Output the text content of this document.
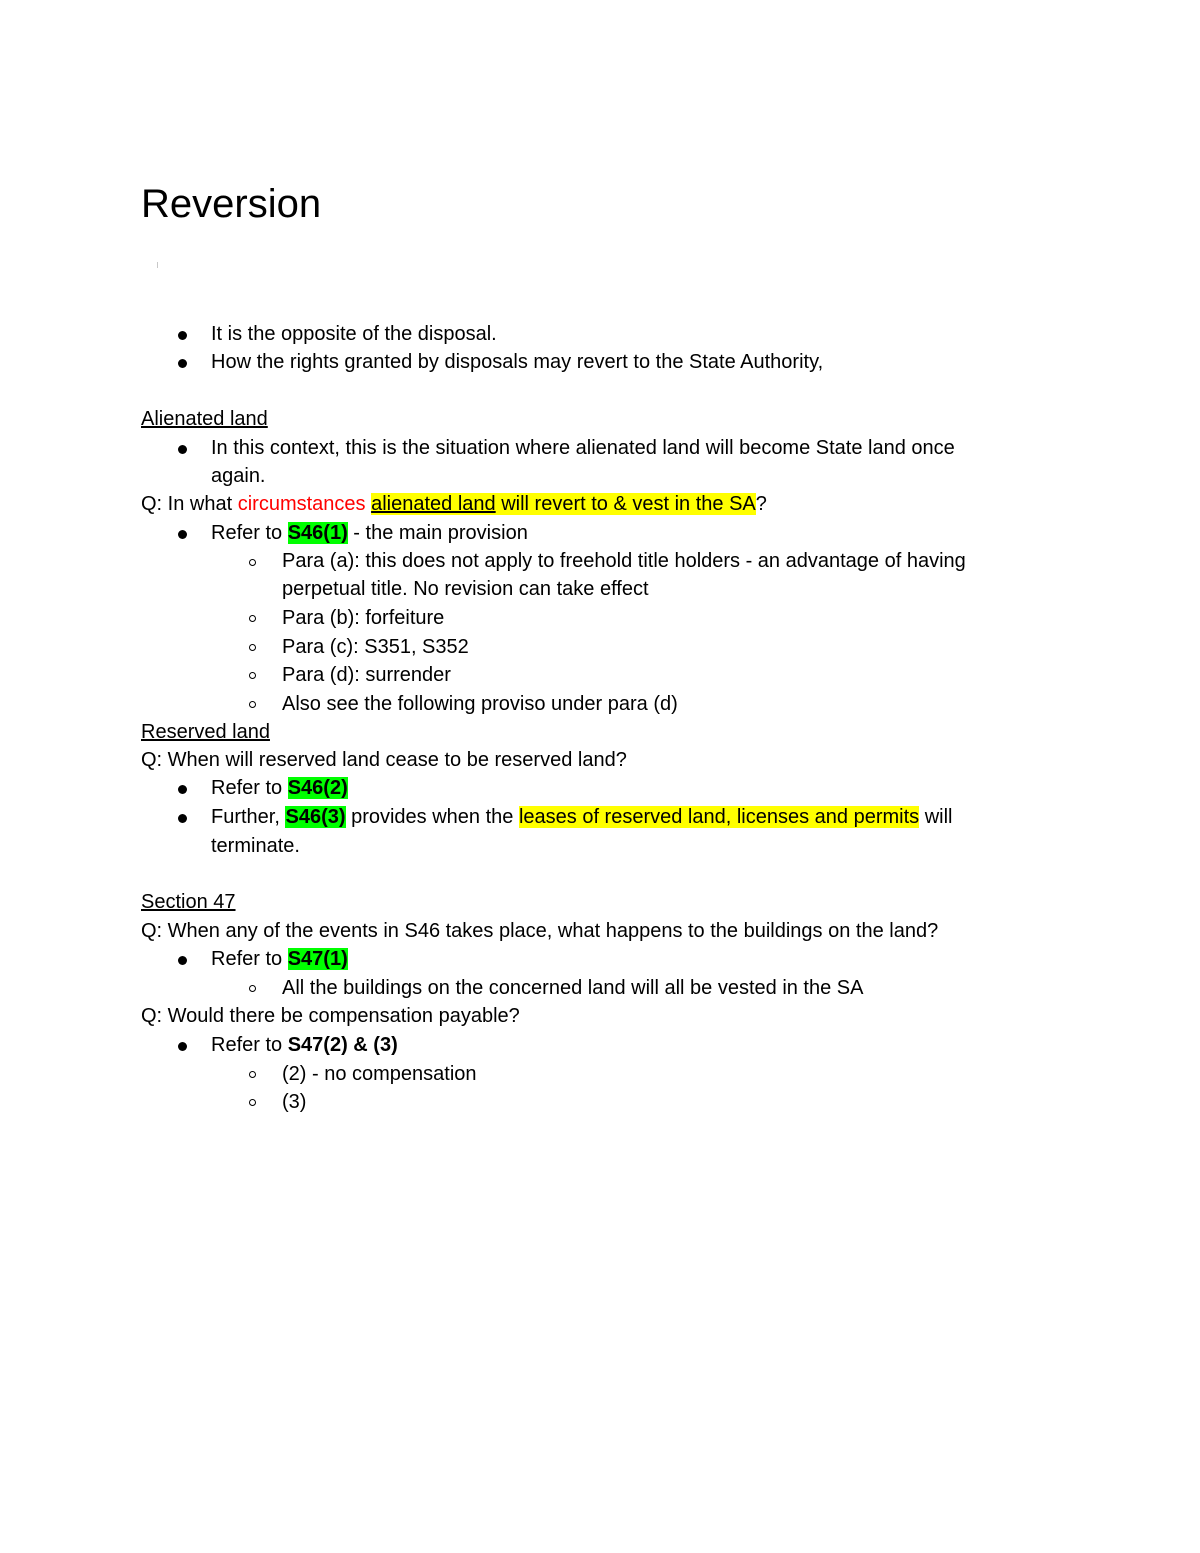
Reversion
It is the opposite of the disposal.
How the rights granted by disposals may revert to the State Authority,
Alienated land
In this context, this is the situation where alienated land will become State land once
again.
Q: In what circumstances alienated land will revert to & vest in the SA?
Refer to S46(1) - the main provision
Para (a): this does not apply to freehold title holders - an advantage of having
perpetual title. No revision can take effect
Para (b): forfeiture
Para (c): S351, S352
Para (d): surrender
Also see the following proviso under para (d)
Reserved land
Q: When will reserved land cease to be reserved land?
Refer to S46(2)
Further, S46(3) provides when the leases of reserved land, licenses and permits will
terminate.
Section 47
Q: When any of the events in S46 takes place, what happens to the buildings on the land?
Refer to S47(1)
All the buildings on the concerned land will all be vested in the SA
Q: Would there be compensation payable?
Refer to S47(2) & (3)
(2) - no compensation
(3)
